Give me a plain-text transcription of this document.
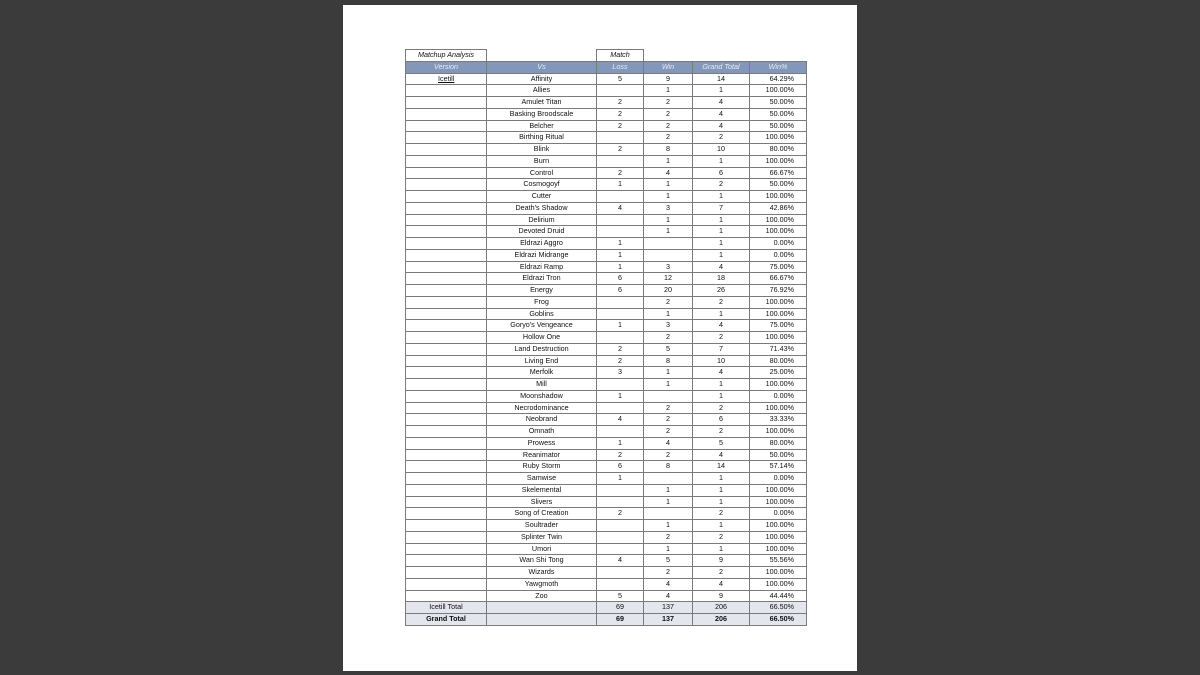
Matchup Analysis		Match			
Version	Vs	Loss	Win	Grand Total	Win%
Icetill	Affinity	5	9	14	64.29%
	Allies		1	1	100.00%
	Amulet Titan	2	2	4	50.00%
	Basking Broodscale	2	2	4	50.00%
	Belcher	2	2	4	50.00%
	Birthing Ritual		2	2	100.00%
	Blink	2	8	10	80.00%
	Burn		1	1	100.00%
	Control	2	4	6	66.67%
	Cosmogoyf	1	1	2	50.00%
	Cutter		1	1	100.00%
	Death's Shadow	4	3	7	42.86%
	Delirium		1	1	100.00%
	Devoted Druid		1	1	100.00%
	Eldrazi Aggro	1		1	0.00%
	Eldrazi Midrange	1		1	0.00%
	Eldrazi Ramp	1	3	4	75.00%
	Eldrazi Tron	6	12	18	66.67%
	Energy	6	20	26	76.92%
	Frog		2	2	100.00%
	Goblins		1	1	100.00%
	Goryo's Vengeance	1	3	4	75.00%
	Hollow One		2	2	100.00%
	Land Destruction	2	5	7	71.43%
	Living End	2	8	10	80.00%
	Merfolk	3	1	4	25.00%
	Mill		1	1	100.00%
	Moonshadow	1		1	0.00%
	Necrodominance		2	2	100.00%
	Neobrand	4	2	6	33.33%
	Omnath		2	2	100.00%
	Prowess	1	4	5	80.00%
	Reanimator	2	2	4	50.00%
	Ruby Storm	6	8	14	57.14%
	Samwise	1		1	0.00%
	Skelemental		1	1	100.00%
	Slivers		1	1	100.00%
	Song of Creation	2		2	0.00%
	Soultrader		1	1	100.00%
	Splinter Twin		2	2	100.00%
	Umori		1	1	100.00%
	Wan Shi Tong	4	5	9	55.56%
	Wizards		2	2	100.00%
	Yawgmoth		4	4	100.00%
	Zoo	5	4	9	44.44%
Icetill Total		69	137	206	66.50%
Grand Total		69	137	206	66.50%
